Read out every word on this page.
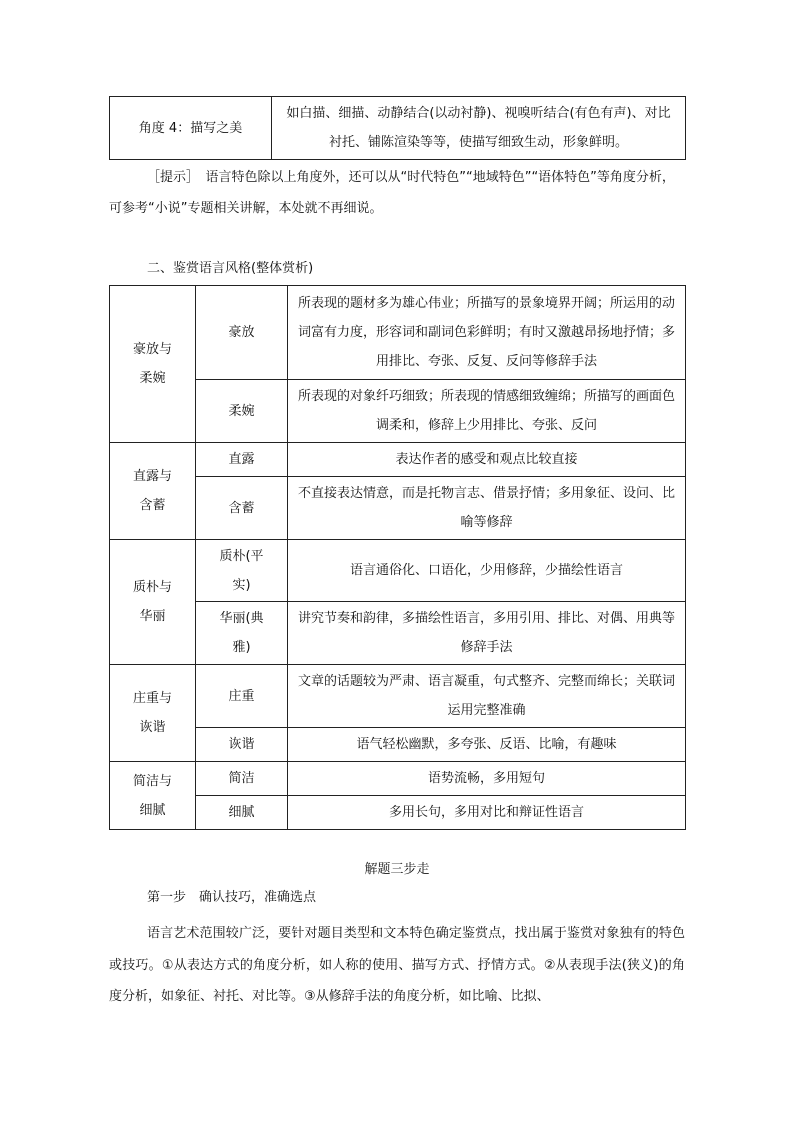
角度 4：描写之美	如白描、细描、动静结合(以动衬静)、视嗅听结合(有色有声)、对比衬托、铺陈渲染等等，使描写细致生动，形象鲜明。

［提示］　语言特色除以上角度外，还可以从“时代特色”“地域特色”“语体特色”等角度分析，可参考“小说”专题相关讲解，本处就不再细说。

二、鉴赏语言风格(整体赏析)

豪放与柔婉	豪放	所表现的题材多为雄心伟业；所描写的景象境界开阔；所运用的动词富有力度，形容词和副词色彩鲜明；有时又激越昂扬地抒情；多用排比、夸张、反复、反问等修辞手法
	柔婉	所表现的对象纤巧细致；所表现的情感细致缠绵；所描写的画面色调柔和，修辞上少用排比、夸张、反问
直露与含蓄	直露	表达作者的感受和观点比较直接
	含蓄	不直接表达情意，而是托物言志、借景抒情；多用象征、设问、比喻等修辞
质朴与华丽	质朴(平实)	语言通俗化、口语化，少用修辞，少描绘性语言
	华丽(典雅)	讲究节奏和韵律，多描绘性语言，多用引用、排比、对偶、用典等修辞手法
庄重与诙谐	庄重	文章的话题较为严肃、语言凝重，句式整齐、完整而绵长；关联词运用完整准确
	诙谐	语气轻松幽默，多夸张、反语、比喻，有趣味
简洁与细腻	简洁	语势流畅，多用短句
	细腻	多用长句，多用对比和辩证性语言

解题三步走

第一步　确认技巧，准确选点

语言艺术范围较广泛，要针对题目类型和文本特色确定鉴赏点，找出属于鉴赏对象独有的特色或技巧。①从表达方式的角度分析，如人称的使用、描写方式、抒情方式。②从表现手法(狭义)的角度分析，如象征、衬托、对比等。③从修辞手法的角度分析，如比喻、比拟、
